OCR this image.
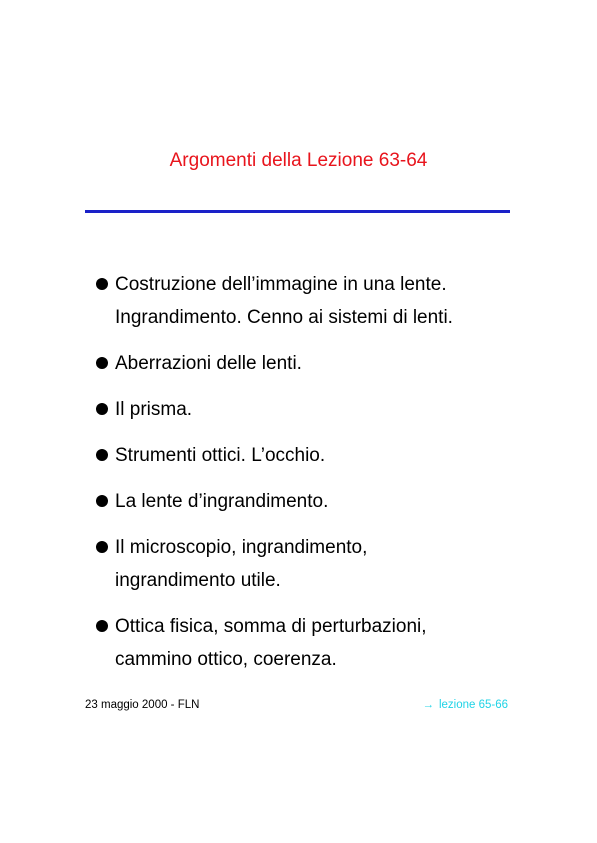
Argomenti della Lezione 63-64
Costruzione dell’immagine in una lente.
Ingrandimento. Cenno ai sistemi di lenti.
Aberrazioni delle lenti.
Il prisma.
Strumenti ottici. L’occhio.
La lente d’ingrandimento.
Il microscopio, ingrandimento,
ingrandimento utile.
Ottica fisica, somma di perturbazioni,
cammino ottico, coerenza.
23 maggio 2000 - FLN	→ lezione 65-66
